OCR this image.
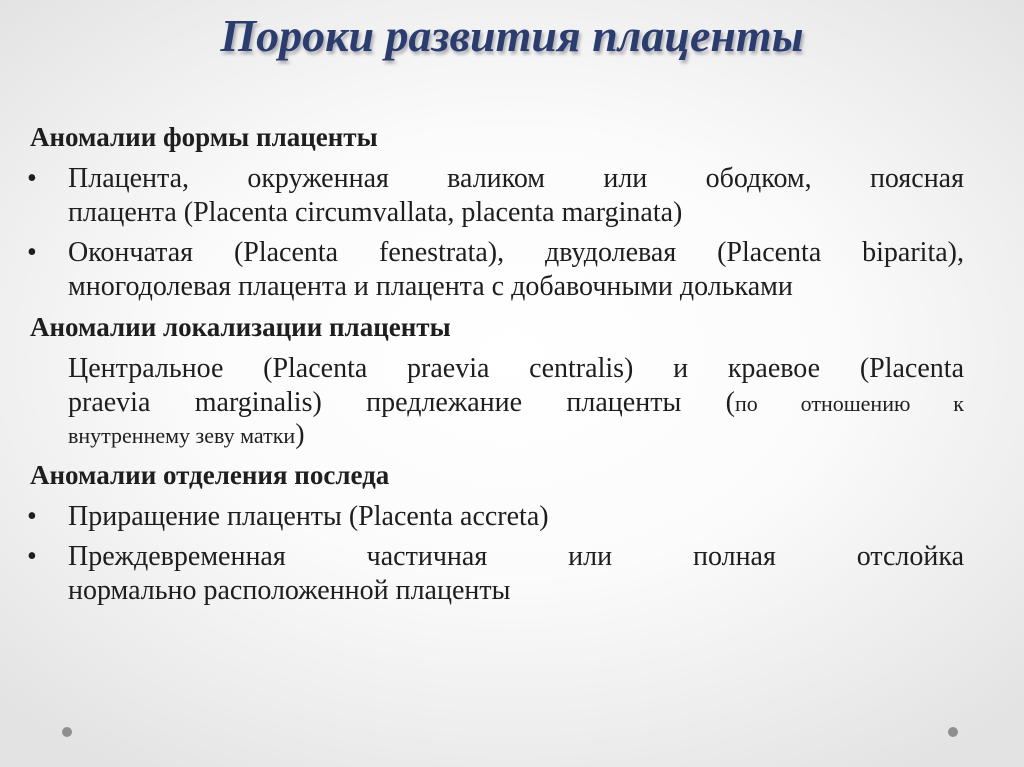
Пороки развития плаценты
Аномалии формы плаценты
• Плацента, окруженная валиком или ободком, поясная
плацента (Placenta circumvallata, placenta marginata)
• Окончатая (Placenta fenestrata), двудолевая (Placenta biparita),
многодолевая плацента и плацента с добавочными дольками
Аномалии локализации плаценты
Центральное (Placenta praevia centralis) и краевое (Placenta
praevia marginalis) предлежание плаценты (по отношению к
внутреннему зеву матки)
Аномалии отделения последа
• Приращение плаценты (Placenta accreta)
• Преждевременная частичная или полная отслойка
нормально расположенной плаценты
